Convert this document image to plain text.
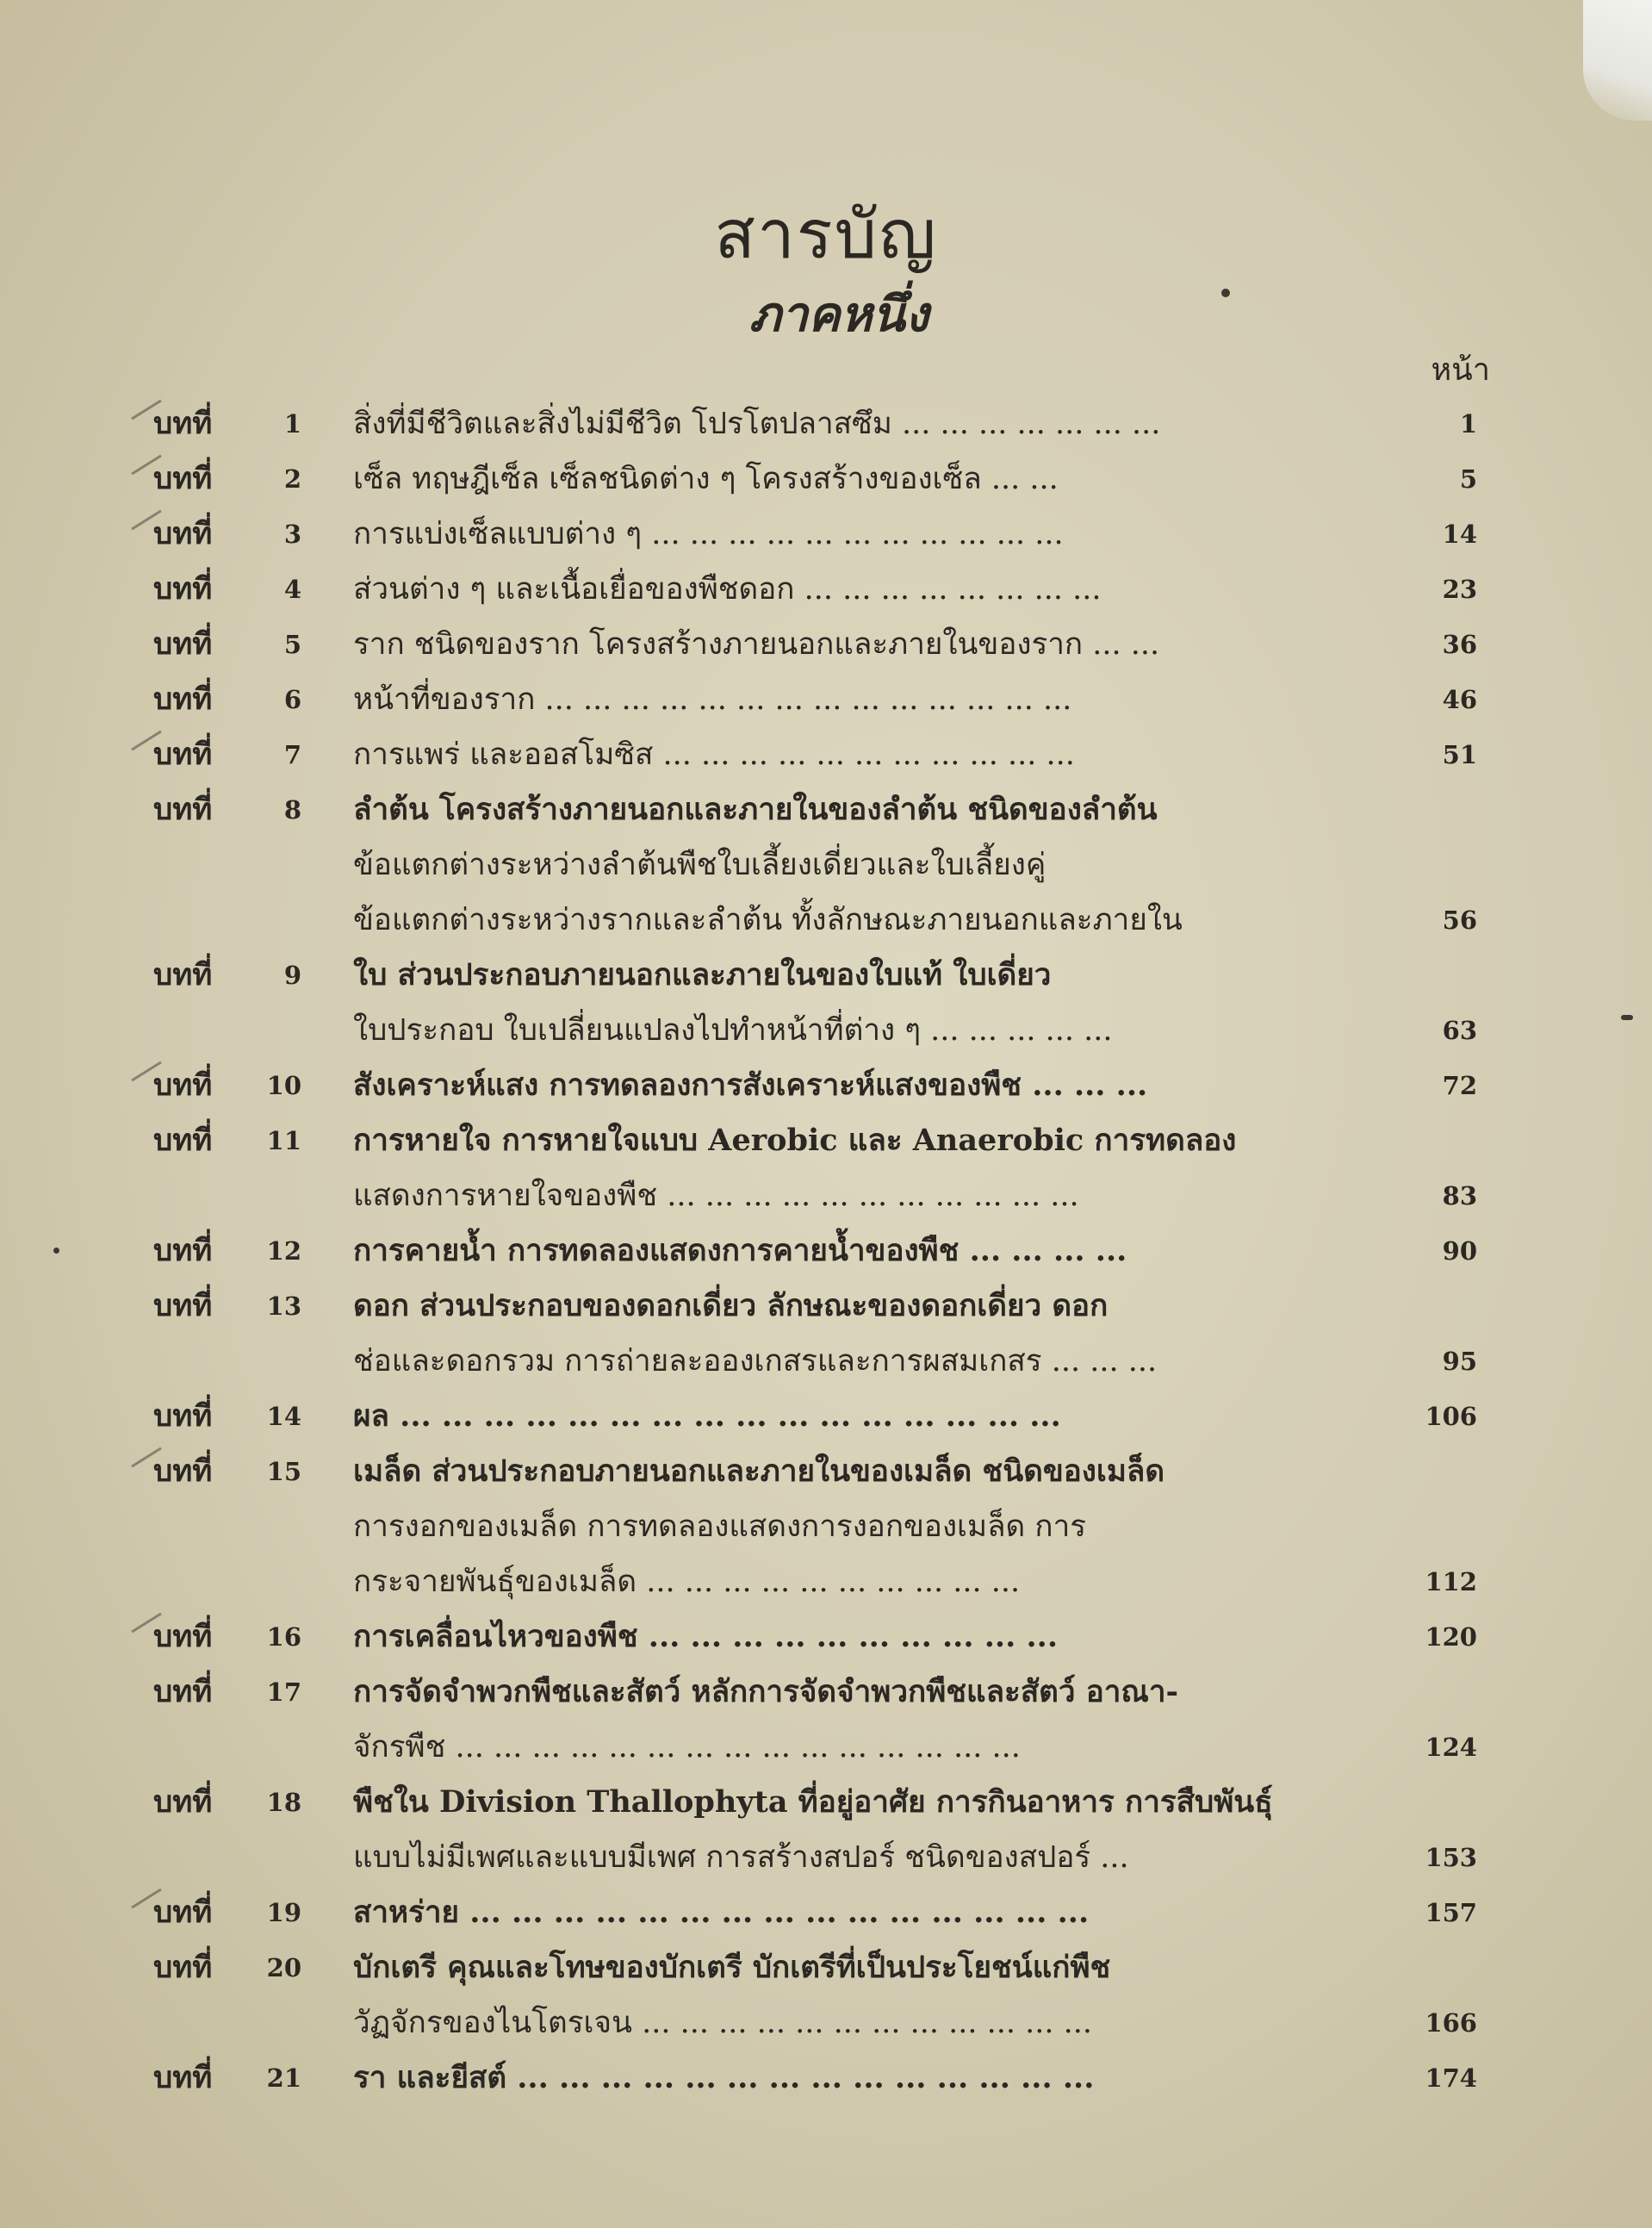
สารบัญ
ภาคหนึ่ง
หน้า
บทที่	1 สิ่งที่มีชีวิตและสิ่งไม่มีชีวิต โปรโตปลาสซึม ... ... ... ... ... ... ...	1
บทที่	2 เซ็ล ทฤษฎีเซ็ล เซ็ลชนิดต่าง ๆ โครงสร้างของเซ็ล ... ...	5
บทที่	3 การแบ่งเซ็ลแบบต่าง ๆ ... ... ... ... ... ... ... ... ... ... ...	14
บทที่	4 ส่วนต่าง ๆ และเนื้อเยื่อของพืชดอก ... ... ... ... ... ... ... ...	23
บทที่	5 ราก ชนิดของราก โครงสร้างภายนอกและภายในของราก ... ...	36
บทที่	6 หน้าที่ของราก ... ... ... ... ... ... ... ... ... ... ... ... ... ...	46
บทที่	7 การแพร่ และออสโมซิส ... ... ... ... ... ... ... ... ... ... ...	51
บทที่	8 ลำต้น โครงสร้างภายนอกและภายในของลำต้น ชนิดของลำต้น
ข้อแตกต่างระหว่างลำต้นพืชใบเลี้ยงเดี่ยวและใบเลี้ยงคู่
ข้อแตกต่างระหว่างรากและลำต้น ทั้งลักษณะภายนอกและภายใน	56
บทที่	9 ใบ ส่วนประกอบภายนอกและภายในของใบแท้ ใบเดี่ยว
ใบประกอบ ใบเปลี่ยนแปลงไปทำหน้าที่ต่าง ๆ ... ... ... ... ...	63
บทที่	10 สังเคราะห์แสง การทดลองการสังเคราะห์แสงของพืช ... ... ...	72
บทที่	11 การหายใจ การหายใจแบบ Aerobic และ Anaerobic การทดลอง
แสดงการหายใจของพืช ... ... ... ... ... ... ... ... ... ... ...	83
บทที่	12 การคายน้ำ การทดลองแสดงการคายน้ำของพืช ... ... ... ...	90
บทที่	13 ดอก ส่วนประกอบของดอกเดี่ยว ลักษณะของดอกเดี่ยว ดอก
ช่อและดอกรวม การถ่ายละอองเกสรและการผสมเกสร ... ... ...	95
บทที่	14 ผล ... ... ... ... ... ... ... ... ... ... ... ... ... ... ... ...	106
บทที่	15 เมล็ด ส่วนประกอบภายนอกและภายในของเมล็ด ชนิดของเมล็ด
การงอกของเมล็ด การทดลองแสดงการงอกของเมล็ด การ
กระจายพันธุ์ของเมล็ด ... ... ... ... ... ... ... ... ... ...	112
บทที่	16 การเคลื่อนไหวของพืช ... ... ... ... ... ... ... ... ... ...	120
บทที่	17 การจัดจำพวกพืชและสัตว์ หลักการจัดจำพวกพืชและสัตว์ อาณา-
จักรพืช ... ... ... ... ... ... ... ... ... ... ... ... ... ... ...	124
บทที่	18 พืชใน Division Thallophyta ที่อยู่อาศัย การกินอาหาร การสืบพันธุ์
แบบไม่มีเพศและแบบมีเพศ การสร้างสปอร์ ชนิดของสปอร์ ...	153
บทที่	19 สาหร่าย ... ... ... ... ... ... ... ... ... ... ... ... ... ... ...	157
บทที่	20 บักเตรี คุณและโทษของบักเตรี บักเตรีที่เป็นประโยชน์แก่พืช
วัฏจักรของไนโตรเจน ... ... ... ... ... ... ... ... ... ... ... ...	166
บทที่	21 รา และยีสต์ ... ... ... ... ... ... ... ... ... ... ... ... ... ...	174
